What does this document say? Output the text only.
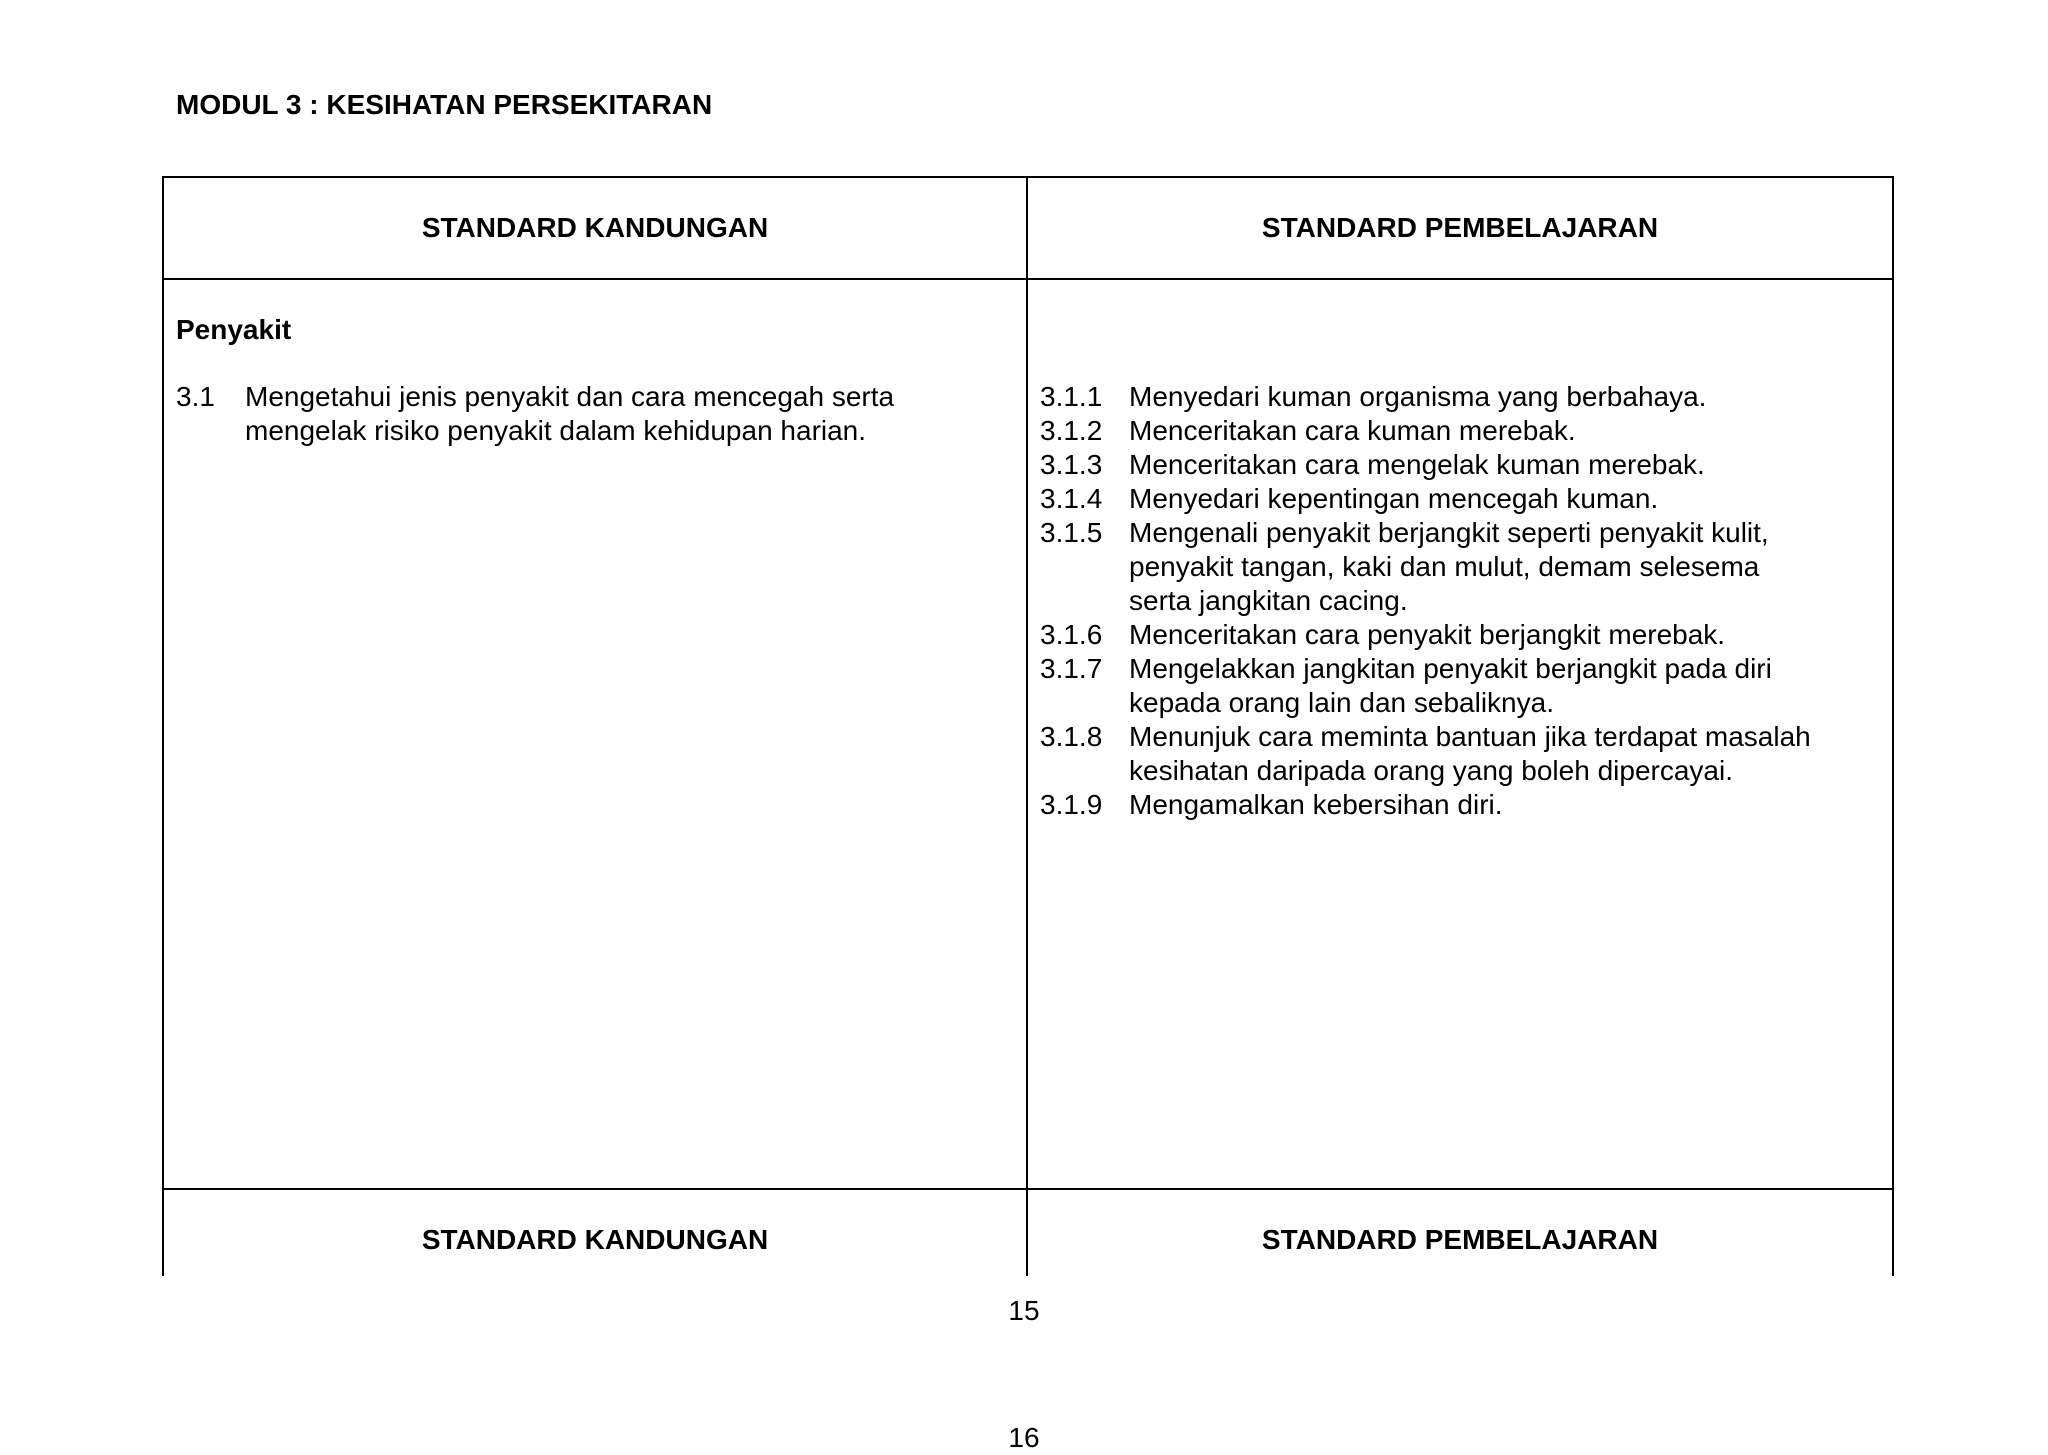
MODUL 3 : KESIHATAN PERSEKITARAN
STANDARD KANDUNGAN	STANDARD PEMBELAJARAN
Penyakit
3.1 Mengetahui jenis penyakit dan cara mencegah serta
mengelak risiko penyakit dalam kehidupan harian.
3.1.1 Menyedari kuman organisma yang berbahaya.
3.1.2 Menceritakan cara kuman merebak.
3.1.3 Menceritakan cara mengelak kuman merebak.
3.1.4 Menyedari kepentingan mencegah kuman.
3.1.5 Mengenali penyakit berjangkit seperti penyakit kulit,
penyakit tangan, kaki dan mulut, demam selesema
serta jangkitan cacing.
3.1.6 Menceritakan cara penyakit berjangkit merebak.
3.1.7 Mengelakkan jangkitan penyakit berjangkit pada diri
kepada orang lain dan sebaliknya.
3.1.8 Menunjuk cara meminta bantuan jika terdapat masalah
kesihatan daripada orang yang boleh dipercayai.
3.1.9 Mengamalkan kebersihan diri.
STANDARD KANDUNGAN	STANDARD PEMBELAJARAN
15
16
